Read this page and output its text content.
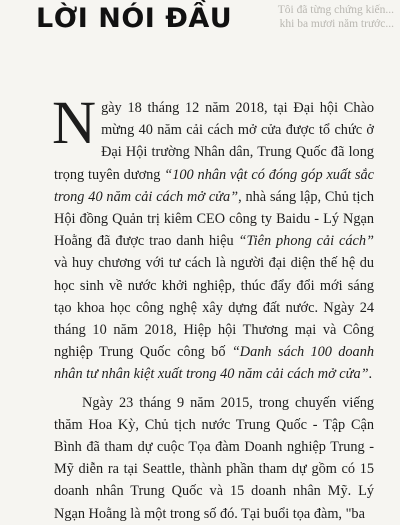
Tôi đã từng chứng kiến...
khi ba mươi năm trước...
LỜI NÓI ĐẦU

N gày 18 tháng 12 năm 2018, tại Đại hội Chào mừng 40 năm cải cách mở cửa được tổ chức ở Đại Hội trường Nhân dân, Trung Quốc đã long trọng tuyên dương “100 nhân vật có đóng góp xuất sắc trong 40 năm cải cách mở cửa”, nhà sáng lập, Chủ tịch Hội đồng Quản trị kiêm CEO công ty Baidu - Lý Ngạn Hoằng đã được trao danh hiệu “Tiên phong cải cách” và huy chương với tư cách là người đại diện thế hệ du học sinh về nước khởi nghiệp, thúc đẩy đổi mới sáng tạo khoa học công nghệ xây dựng đất nước. Ngày 24 tháng 10 năm 2018, Hiệp hội Thương mại và Công nghiệp Trung Quốc công bố “Danh sách 100 doanh nhân tư nhân kiệt xuất trong 40 năm cải cách mở cửa”.

Ngày 23 tháng 9 năm 2015, trong chuyến viếng thăm Hoa Kỳ, Chủ tịch nước Trung Quốc - Tập Cận Bình đã tham dự cuộc Tọa đàm Doanh nghiệp Trung - Mỹ diễn ra tại Seattle, thành phần tham dự gồm có 15 doanh nhân Trung Quốc và 15 doanh nhân Mỹ. Lý Ngạn Hoằng là một trong số đó. Tại buổi tọa đàm, "ba
